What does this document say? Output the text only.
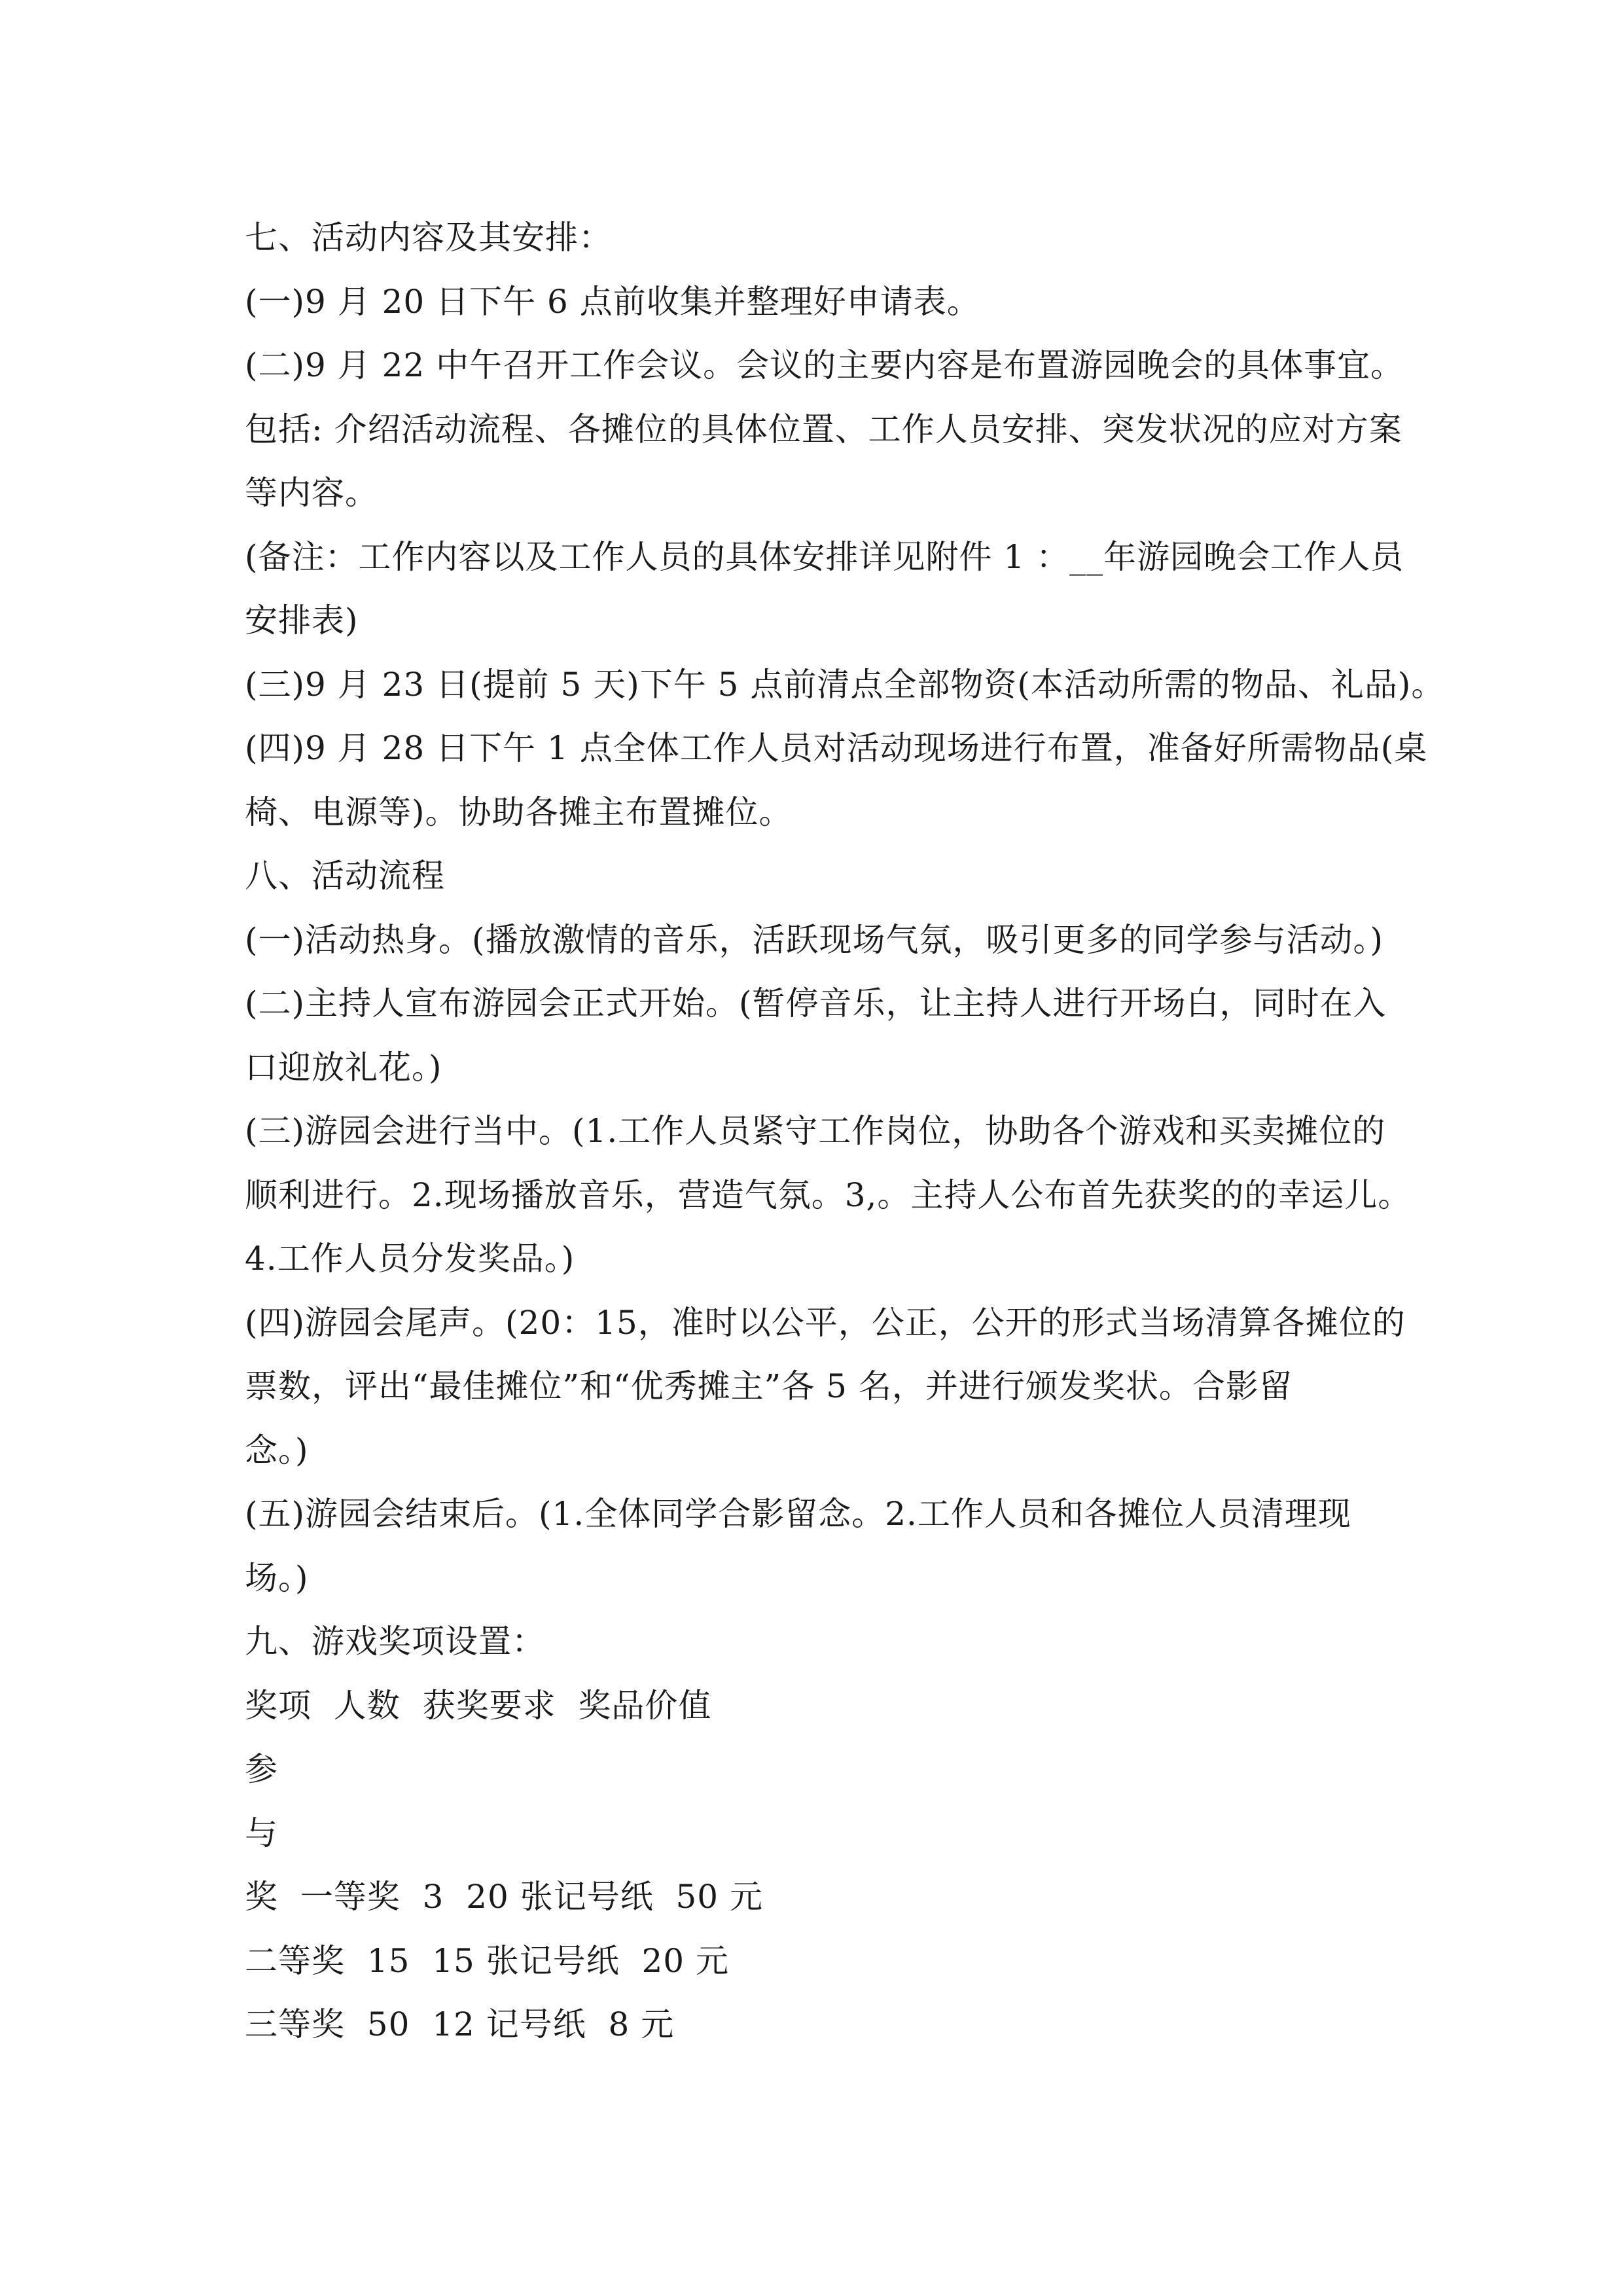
七、活动内容及其安排：
(一)9 月 20 日下午 6 点前收集并整理好申请表。
(二)9 月 22 中午召开工作会议。会议的主要内容是布置游园晚会的具体事宜。
包括: 介绍活动流程、各摊位的具体位置、工作人员安排、突发状况的应对方案
等内容。
(备注：工作内容以及工作人员的具体安排详见附件 1 ：__年游园晚会工作人员
安排表)
(三)9 月 23 日(提前 5 天)下午 5 点前清点全部物资(本活动所需的物品、礼品)。
(四)9 月 28 日下午 1 点全体工作人员对活动现场进行布置，准备好所需物品(桌
椅、电源等)。协助各摊主布置摊位。
八、活动流程
(一)活动热身。(播放激情的音乐，活跃现场气氛，吸引更多的同学参与活动。)
(二)主持人宣布游园会正式开始。(暂停音乐，让主持人进行开场白，同时在入
口迎放礼花。)
(三)游园会进行当中。(1.工作人员紧守工作岗位，协助各个游戏和买卖摊位的
顺利进行。2.现场播放音乐，营造气氛。3,。主持人公布首先获奖的的幸运儿。
4.工作人员分发奖品。)
(四)游园会尾声。(20：15，准时以公平，公正，公开的形式当场清算各摊位的
票数，评出“最佳摊位”和“优秀摊主”各 5 名，并进行颁发奖状。合影留
念。)
(五)游园会结束后。(1.全体同学合影留念。2.工作人员和各摊位人员清理现
场。)
九、游戏奖项设置：
奖项  人数  获奖要求  奖品价值
参
与
奖  一等奖  3  20 张记号纸  50 元
二等奖  15  15 张记号纸  20 元
三等奖  50  12 记号纸  8 元
